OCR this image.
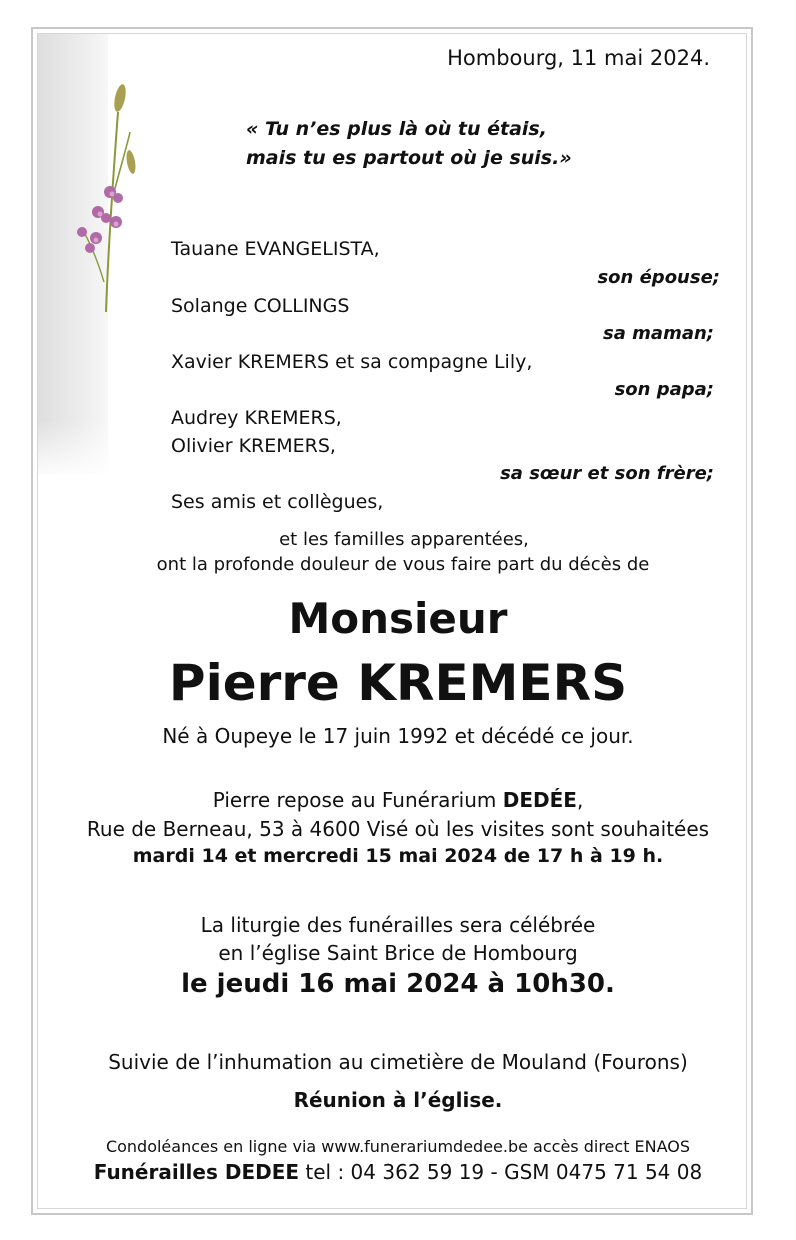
Hombourg, 11 mai 2024.
« Tu n’es plus là où tu étais,
mais tu es partout où je suis.»
Tauane EVANGELISTA,
son épouse;
Solange COLLINGS
sa maman;
Xavier KREMERS et sa compagne Lily,
son papa;
Audrey KREMERS,
Olivier KREMERS,
sa sœur et son frère;
Ses amis et collègues,
et les familles apparentées,
ont la profonde douleur de vous faire part du décès de
Monsieur
Pierre KREMERS
Né à Oupeye le 17 juin 1992 et décédé ce jour.
Pierre repose au Funérarium DEDÉE,
Rue de Berneau, 53 à 4600 Visé où les visites sont souhaitées
mardi 14 et mercredi 15 mai 2024 de 17 h à 19 h.
La liturgie des funérailles sera célébrée
en l’église Saint Brice de Hombourg
le jeudi 16 mai 2024 à 10h30.
Suivie de l’inhumation au cimetière de Mouland (Fourons)
Réunion à l’église.
Condoléances en ligne via www.funerariumdedee.be accès direct ENAOS
Funérailles DEDEE tel : 04 362 59 19 - GSM 0475 71 54 08
